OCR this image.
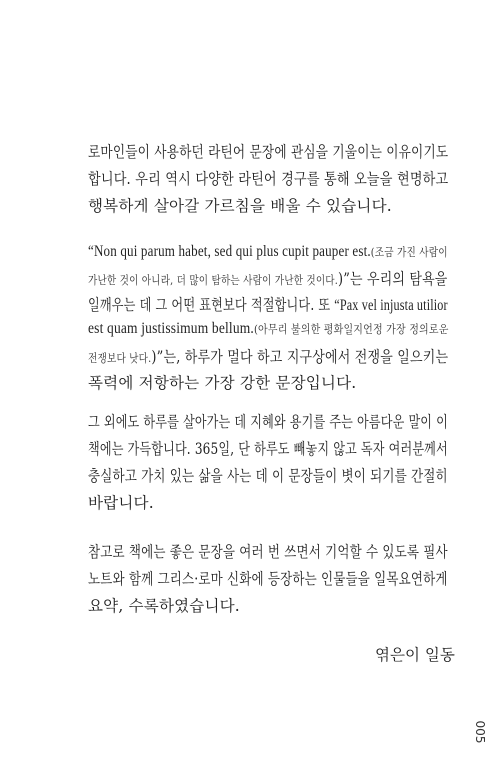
로마인들이 사용하던 라틴어 문장에 관심을 기울이는 이유이기도
합니다. 우리 역시 다양한 라틴어 경구를 통해 오늘을 현명하고
행복하게 살아갈 가르침을 배울 수 있습니다.
“Non qui parum habet, sed qui plus cupit pauper est.(조금 가진 사람이
가난한 것이 아니라, 더 많이 탐하는 사람이 가난한 것이다.)”는 우리의 탐욕을
일깨우는 데 그 어떤 표현보다 적절합니다. 또 “Pax vel injusta utilior
est quam justissimum bellum.(아무리 불의한 평화일지언정 가장 정의로운
전쟁보다 낫다.)”는, 하루가 멀다 하고 지구상에서 전쟁을 일으키는
폭력에 저항하는 가장 강한 문장입니다.
그 외에도 하루를 살아가는 데 지혜와 용기를 주는 아름다운 말이 이
책에는 가득합니다. 365일, 단 하루도 빼놓지 않고 독자 여러분께서
충실하고 가치 있는 삶을 사는 데 이 문장들이 볏이 되기를 간절히
바랍니다.
참고로 책에는 좋은 문장을 여러 번 쓰면서 기억할 수 있도록 필사
노트와 함께 그리스·로마 신화에 등장하는 인물들을 일목요연하게
요약, 수록하였습니다.
엮은이 일동
005
